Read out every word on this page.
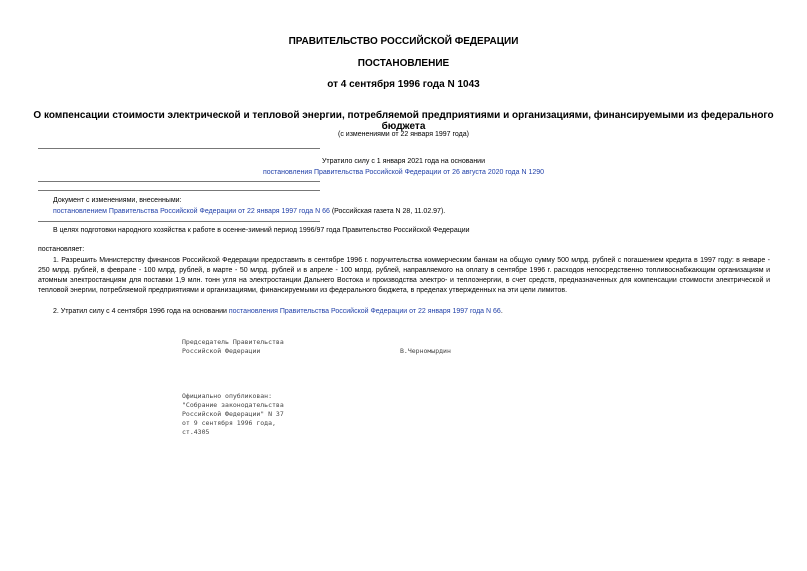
ПРАВИТЕЛЬСТВО РОССИЙСКОЙ ФЕДЕРАЦИИ
ПОСТАНОВЛЕНИЕ
от 4 сентября 1996 года N 1043
О компенсации стоимости электрической и тепловой энергии, потребляемой предприятиями и организациями, финансируемыми из федерального бюджета
(с изменениями от 22 января 1997 года)
Утратило силу с 1 января 2021 года на основании
постановления Правительства Российской Федерации от 26 августа 2020 года N 1290
Документ с изменениями, внесенными:
постановлением Правительства Российской Федерации от 22 января 1997 года N 66 (Российская газета N 28, 11.02.97).
В целях подготовки народного хозяйства к работе в осенне-зимний период 1996/97 года Правительство Российской Федерации
постановляет:
1. Разрешить Министерству финансов Российской Федерации предоставить в сентябре 1996 г. поручительства коммерческим банкам на общую сумму 500 млрд. рублей с погашением кредита в 1997 году: в январе - 250 млрд. рублей, в феврале - 100 млрд. рублей, в марте - 50 млрд. рублей и в апреле - 100 млрд. рублей, направляемого на оплату в сентябре 1996 г. расходов непосредственно топливоснабжающим организациям и атомным электростанциям для поставки 1,9 млн. тонн угля на электростанции Дальнего Востока и производства электро- и теплоэнергии, в счет средств, предназначенных для компенсации стоимости электрической и тепловой энергии, потребляемой предприятиями и организациями, финансируемыми из федерального бюджета, в пределах утвержденных на эти цели лимитов.
2. Утратил силу с 4 сентября 1996 года на основании постановления Правительства Российской Федерации от 22 января 1997 года N 66.
Председатель Правительства
Российской Федерации	В.Черномырдин
Официально опубликован:
"Собрание законодательства
Российской Федерации" N 37
от 9 сентября 1996 года,
ст.4305
